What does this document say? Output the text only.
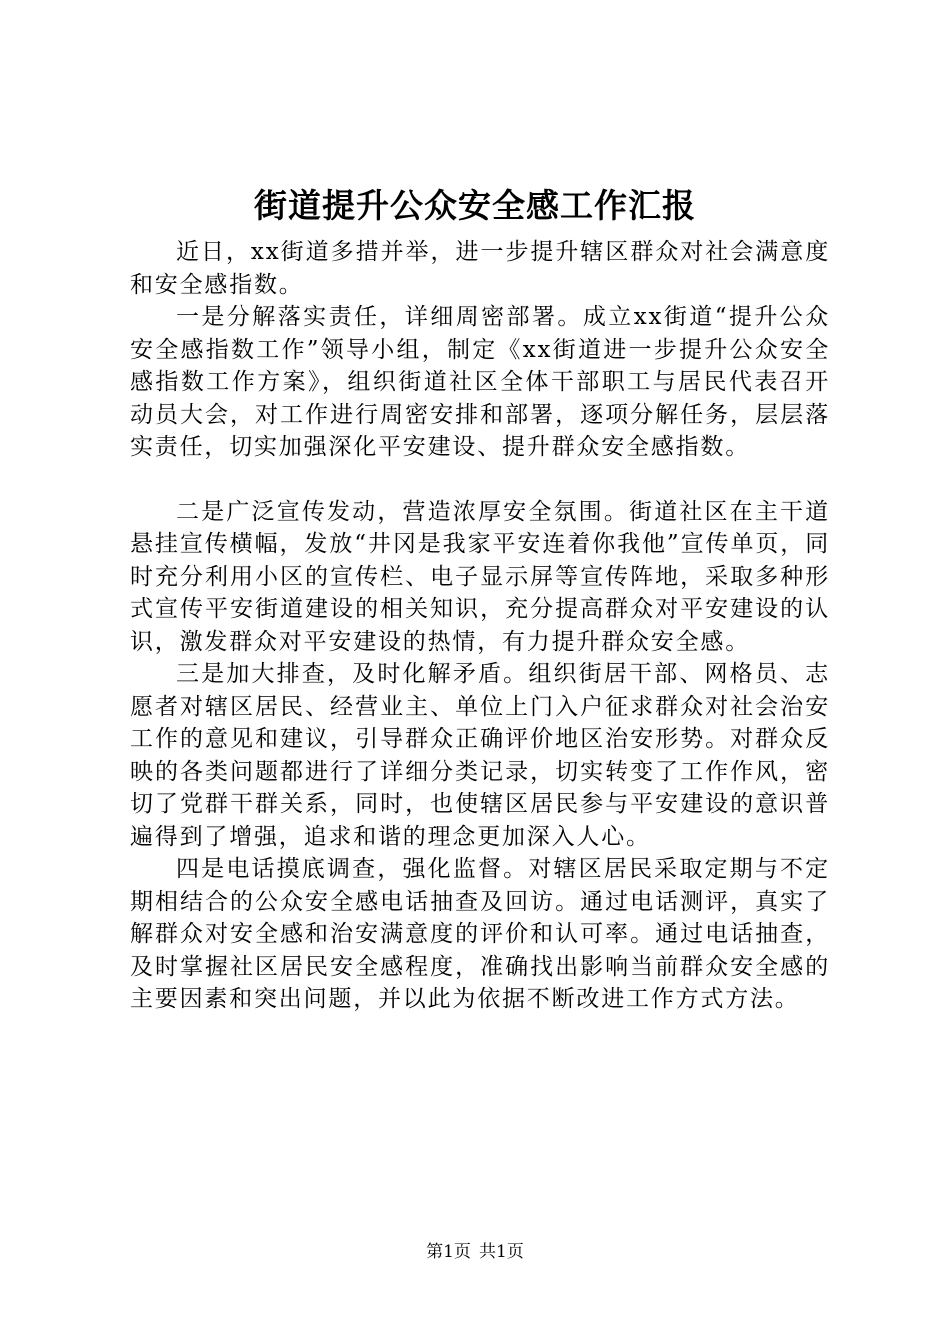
街道提升公众安全感工作汇报

近日，xx街道多措并举，进一步提升辖区群众对社会满意度和安全感指数。

一是分解落实责任，详细周密部署。成立xx街道“提升公众安全感指数工作”领导小组，制定《xx街道进一步提升公众安全感指数工作方案》，组织街道社区全体干部职工与居民代表召开动员大会，对工作进行周密安排和部署，逐项分解任务，层层落实责任，切实加强深化平安建设、提升群众安全感指数。

二是广泛宣传发动，营造浓厚安全氛围。街道社区在主干道悬挂宣传横幅，发放“井冈是我家平安连着你我他”宣传单页，同时充分利用小区的宣传栏、电子显示屏等宣传阵地，采取多种形式宣传平安街道建设的相关知识，充分提高群众对平安建设的认识，激发群众对平安建设的热情，有力提升群众安全感。

三是加大排查，及时化解矛盾。组织街居干部、网格员、志愿者对辖区居民、经营业主、单位上门入户征求群众对社会治安工作的意见和建议，引导群众正确评价地区治安形势。对群众反映的各类问题都进行了详细分类记录，切实转变了工作作风，密切了党群干群关系，同时，也使辖区居民参与平安建设的意识普遍得到了增强，追求和谐的理念更加深入人心。

四是电话摸底调查，强化监督。对辖区居民采取定期与不定期相结合的公众安全感电话抽查及回访。通过电话测评，真实了解群众对安全感和治安满意度的评价和认可率。通过电话抽查，及时掌握社区居民安全感程度，准确找出影响当前群众安全感的主要因素和突出问题，并以此为依据不断改进工作方式方法。

第1页 共1页
